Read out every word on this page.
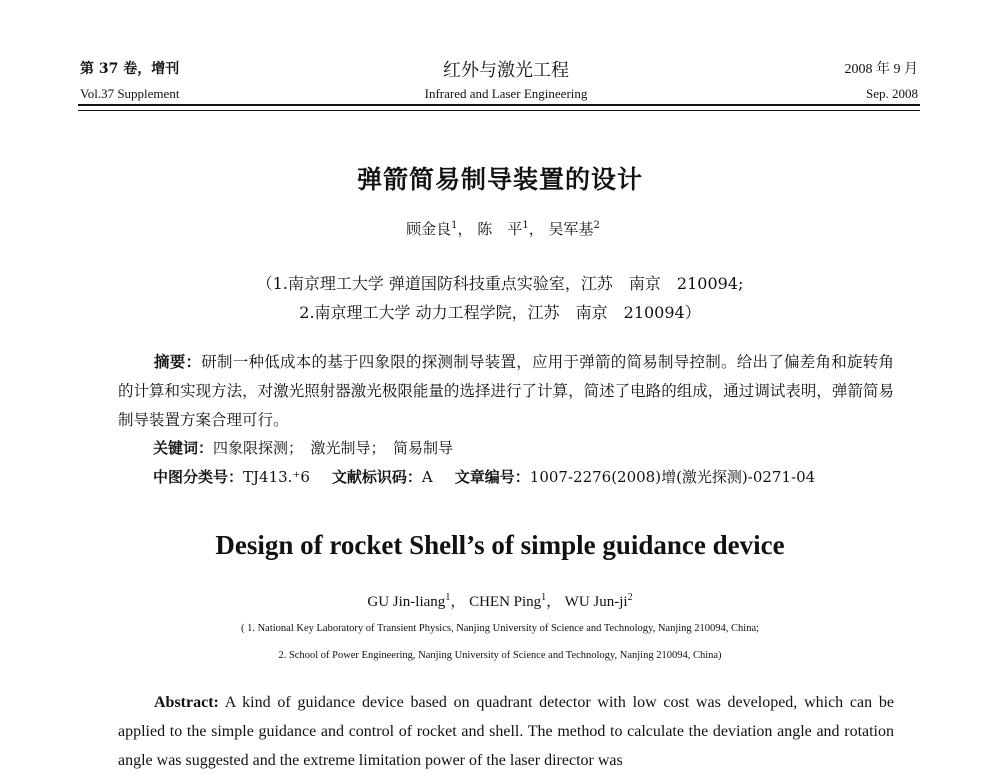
第 37 卷，增刊
Vol.37 Supplement
红外与激光工程
Infrared and Laser Engineering
2008 年 9 月
Sep. 2008
弹箭简易制导装置的设计
顾金良$^1$， 陈　平$^1$， 吴军基$^2$
（1.南京理工大学 弹道国防科技重点实验室，江苏　南京　210094;
2.南京理工大学 动力工程学院，江苏　南京　210094）
摘要：研制一种低成本的基于四象限的探测制导装置，应用于弹箭的简易制导控制。给出了偏差角和旋转角的计算和实现方法，对激光照射器激光极限能量的选择进行了计算，简述了电路的组成，通过调试表明，弹箭简易制导装置方案合理可行。
关键词：四象限探测；　激光制导；　简易制导
中图分类号：TJ413.⁺6 文献标识码：A 文章编号：1007-2276(2008)增(激光探测)-0271-04
Design of rocket Shell’s of simple guidance device
GU Jin-liang$^1$， CHEN Ping$^1$， WU Jun-$ji^2$
( 1. National Key Laboratory of Transient Physics, Nanjing University of Science and Technology, Nanjing 210094, China;
2. School of Power Engineering, Nanjing University of Science and Technology, Nanjing 210094, China)
Abstract: A kind of guidance device based on quadrant detector with low cost was developed, which can be applied to the simple guidance and control of rocket and shell. The method to calculate the deviation angle and rotation angle was suggested and the extreme limitation power of the laser director was
